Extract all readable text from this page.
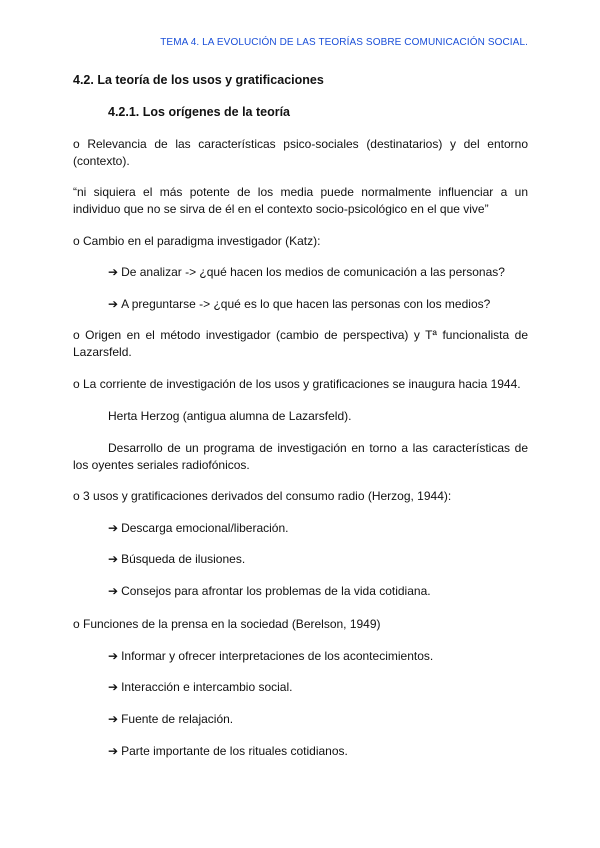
TEMA 4. LA EVOLUCIÓN DE LAS TEORÍAS SOBRE COMUNICACIÓN SOCIAL.
4.2. La teoría de los usos y gratificaciones
4.2.1. Los orígenes de la teoría
o Relevancia de las características psico-sociales (destinatarios) y del entorno (contexto).
“ni siquiera el más potente de los media puede normalmente influenciar a un individuo que no se sirva de él en el contexto socio-psicológico en el que vive”
o Cambio en el paradigma investigador (Katz):
➔ De analizar -> ¿qué hacen los medios de comunicación a las personas?
➔ A preguntarse -> ¿qué es lo que hacen las personas con los medios?
o Origen en el método investigador (cambio de perspectiva) y Tª funcionalista de Lazarsfeld.
o La corriente de investigación de los usos y gratificaciones se inaugura hacia 1944.
Herta Herzog (antigua alumna de Lazarsfeld).
Desarrollo de un programa de investigación en torno a las características de los oyentes seriales radiofónicos.
o 3 usos y gratificaciones derivados del consumo radio (Herzog, 1944):
➔ Descarga emocional/liberación.
➔ Búsqueda de ilusiones.
➔ Consejos para afrontar los problemas de la vida cotidiana.
o Funciones de la prensa en la sociedad (Berelson, 1949)
➔ Informar y ofrecer interpretaciones de los acontecimientos.
➔ Interacción e intercambio social.
➔ Fuente de relajación.
➔ Parte importante de los rituales cotidianos.
